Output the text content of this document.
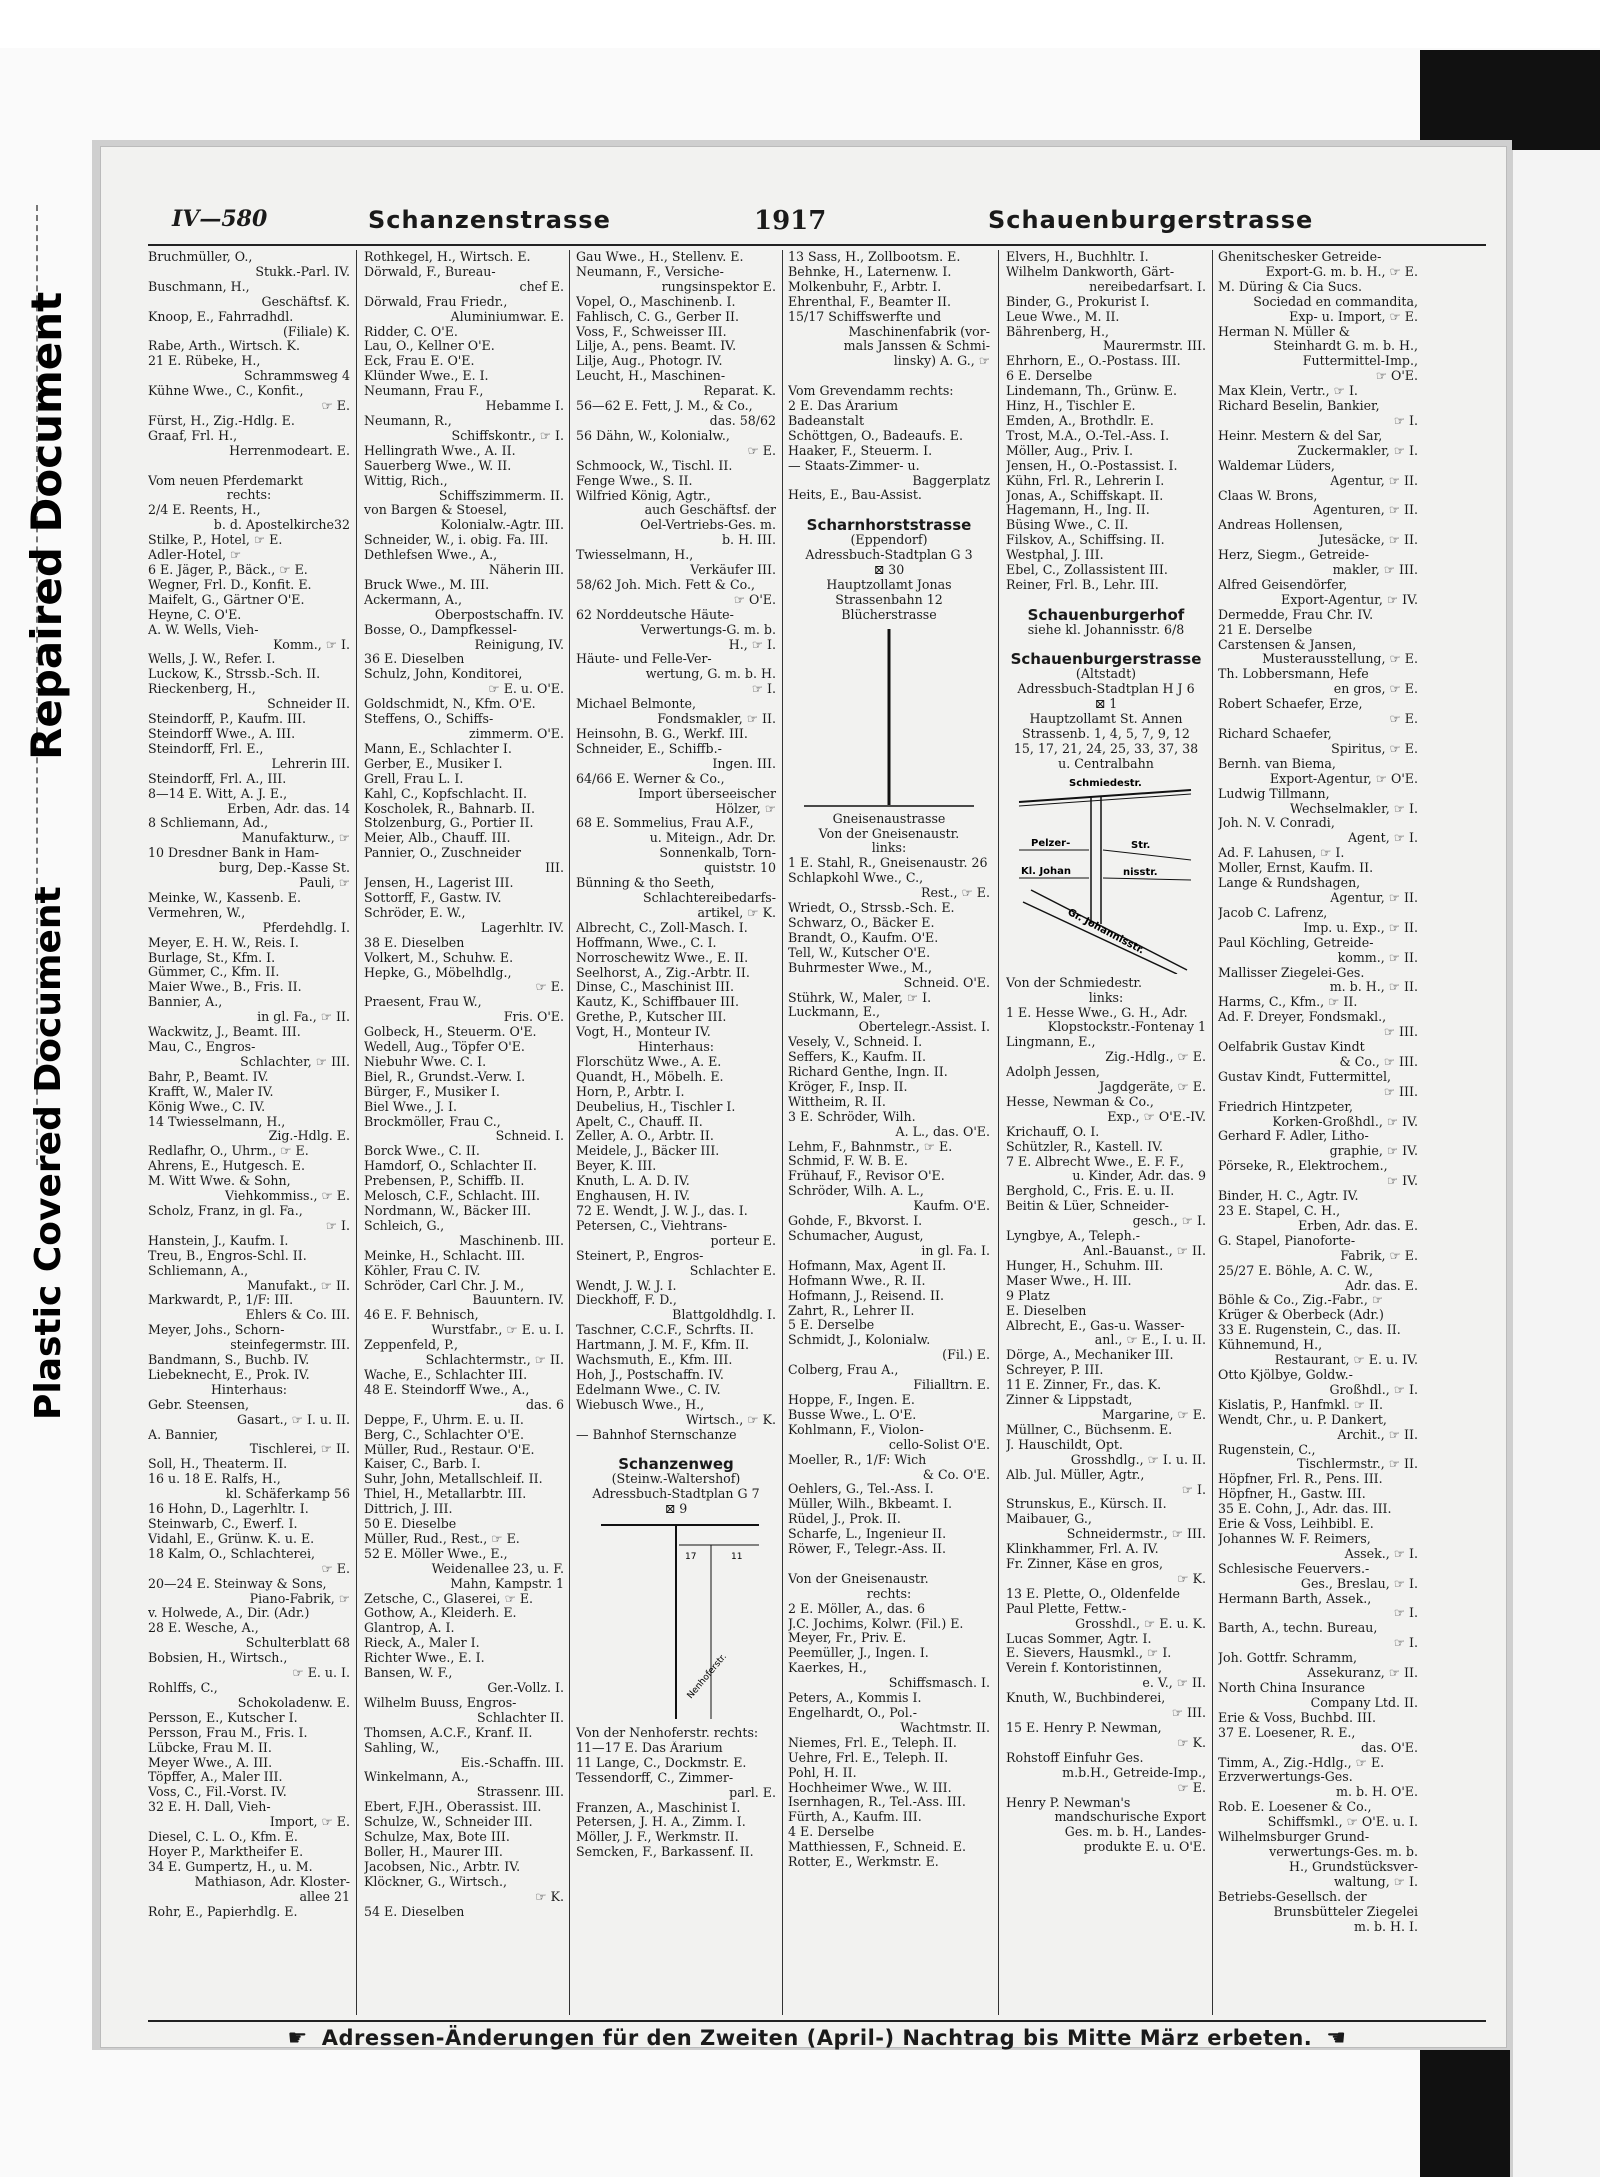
Repaired Document
Plastic Covered Document
IV—580	Schanzenstrasse	1917	Schauenburgerstrasse
Bruchmüller, O.,
Stukk.-Parl. IV.
Buschmann, H.,
Geschäftsf. K.
Knoop, E., Fahrradhdl.
(Filiale) K.
Rabe, Arth., Wirtsch. K.
21 E. Rübeke, H.,
Schrammsweg 4
Kühne Wwe., C., Konfit.,
☞ E.
Fürst, H., Zig.-Hdlg. E.
Graaf, Frl. H.,
Herrenmodeart. E.
Vom neuen Pferdemarkt
rechts:
2/4 E. Reents, H.,
b. d. Apostelkirche32
Stilke, P., Hotel, ☞ E.
Adler-Hotel, ☞
6 E. Jäger, P., Bäck., ☞ E.
Wegner, Frl. D., Konfit. E.
Maifelt, G., Gärtner O'E.
Heyne, C. O'E.
A. W. Wells, Vieh-
Komm., ☞ I.
Wells, J. W., Refer. I.
Luckow, K., Strssb.-Sch. II.
Rieckenberg, H.,
Schneider II.
Steindorff, P., Kaufm. III.
Steindorff Wwe., A. III.
Steindorff, Frl. E.,
Lehrerin III.
Steindorff, Frl. A., III.
8—14 E. Witt, A. J. E.,
Erben, Adr. das. 14
8 Schliemann, Ad.,
Manufakturw., ☞
10 Dresdner Bank in Ham-
burg, Dep.-Kasse St.
Pauli, ☞
Meinke, W., Kassenb. E.
Vermehren, W.,
Pferdehdlg. I.
Meyer, E. H. W., Reis. I.
Burlage, St., Kfm. I.
Gümmer, C., Kfm. II.
Maier Wwe., B., Fris. II.
Bannier, A.,
in gl. Fa., ☞ II.
Wackwitz, J., Beamt. III.
Mau, C., Engros-
Schlachter, ☞ III.
Bahr, P., Beamt. IV.
Krafft, W., Maler IV.
König Wwe., C. IV.
14 Twiesselmann, H.,
Zig.-Hdlg. E.
Redlafhr, O., Uhrm., ☞ E.
Ahrens, E., Hutgesch. E.
M. Witt Wwe. & Sohn,
Viehkommiss., ☞ E.
Scholz, Franz, in gl. Fa.,
☞ I.
Hanstein, J., Kaufm. I.
Treu, B., Engros-Schl. II.
Schliemann, A.,
Manufakt., ☞ II.
Markwardt, P., 1/F: III.
Ehlers & Co. III.
Meyer, Johs., Schorn-
steinfegermstr. III.
Bandmann, S., Buchb. IV.
Liebeknecht, E., Prok. IV.
Hinterhaus:
Gebr. Steensen,
Gasart., ☞ I. u. II.
A. Bannier,
Tischlerei, ☞ II.
Soll, H., Theaterm. II.
16 u. 18 E. Ralfs, H.,
kl. Schäferkamp 56
16 Hohn, D., Lagerhltr. I.
Steinwarb, C., Ewerf. I.
Vidahl, E., Grünw. K. u. E.
18 Kalm, O., Schlachterei,
☞ E.
20—24 E. Steinway & Sons,
Piano-Fabrik, ☞
v. Holwede, A., Dir. (Adr.)
28 E. Wesche, A.,
Schulterblatt 68
Bobsien, H., Wirtsch.,
☞ E. u. I.
Rohlffs, C.,
Schokoladenw. E.
Persson, E., Kutscher I.
Persson, Frau M., Fris. I.
Lübcke, Frau M. II.
Meyer Wwe., A. III.
Töpffer, A., Maler III.
Voss, C., Fil.-Vorst. IV.
32 E. H. Dall, Vieh-
Import, ☞ E.
Diesel, C. L. O., Kfm. E.
Hoyer P., Marktheifer E.
34 E. Gumpertz, H., u. M.
Mathiason, Adr. Kloster-
allee 21
Rohr, E., Papierhdlg. E.
Rothkegel, H., Wirtsch. E.
Dörwald, F., Bureau-
chef E.
Dörwald, Frau Friedr.,
Aluminiumwar. E.
Ridder, C. O'E.
Lau, O., Kellner O'E.
Eck, Frau E. O'E.
Klünder Wwe., E. I.
Neumann, Frau F.,
Hebamme I.
Neumann, R.,
Schiffskontr., ☞ I.
Hellingrath Wwe., A. II.
Sauerberg Wwe., W. II.
Wittig, Rich.,
Schiffszimmerm. II.
von Bargen & Stoesel,
Kolonialw.-Agtr. III.
Schneider, W., i. obig. Fa. III.
Dethlefsen Wwe., A.,
Näherin III.
Bruck Wwe., M. III.
Ackermann, A.,
Oberpostschaffn. IV.
Bosse, O., Dampfkessel-
Reinigung, IV.
36 E. Dieselben
Schulz, John, Konditorei,
☞ E. u. O'E.
Goldschmidt, N., Kfm. O'E.
Steffens, O., Schiffs-
zimmerm. O'E.
Mann, E., Schlachter I.
Gerber, E., Musiker I.
Grell, Frau L. I.
Kahl, C., Kopfschlacht. II.
Koscholek, R., Bahnarb. II.
Stolzenburg, G., Portier II.
Meier, Alb., Chauff. III.
Pannier, O., Zuschneider
III.
Jensen, H., Lagerist III.
Sottorff, F., Gastw. IV.
Schröder, E. W.,
Lagerhltr. IV.
38 E. Dieselben
Volkert, M., Schuhw. E.
Hepke, G., Möbelhdlg.,
☞ E.
Praesent, Frau W.,
Fris. O'E.
Golbeck, H., Steuerm. O'E.
Wedell, Aug., Töpfer O'E.
Niebuhr Wwe. C. I.
Biel, R., Grundst.-Verw. I.
Bürger, F., Musiker I.
Biel Wwe., J. I.
Brockmöller, Frau C.,
Schneid. I.
Borck Wwe., C. II.
Hamdorf, O., Schlachter II.
Prebensen, P., Schiffb. II.
Melosch, C.F., Schlacht. III.
Nordmann, W., Bäcker III.
Schleich, G.,
Maschinenb. III.
Meinke, H., Schlacht. III.
Köhler, Frau C. IV.
Schröder, Carl Chr. J. M.,
Bauuntern. IV.
46 E. F. Behnisch,
Wurstfabr., ☞ E. u. I.
Zeppenfeld, P.,
Schlachtermstr., ☞ II.
Wache, E., Schlachter III.
48 E. Steindorff Wwe., A.,
das. 6
Deppe, F., Uhrm. E. u. II.
Berg, C., Schlachter O'E.
Müller, Rud., Restaur. O'E.
Kaiser, C., Barb. I.
Suhr, John, Metallschleif. II.
Thiel, H., Metallarbtr. III.
Dittrich, J. III.
50 E. Dieselbe
Müller, Rud., Rest., ☞ E.
52 E. Möller Wwe., E.,
Weidenallee 23, u. F.
Mahn, Kampstr. 1
Zetsche, C., Glaserei, ☞ E.
Gothow, A., Kleiderh. E.
Glantrop, A. I.
Rieck, A., Maler I.
Richter Wwe., E. I.
Bansen, W. F.,
Ger.-Vollz. I.
Wilhelm Buuss, Engros-
Schlachter II.
Thomsen, A.C.F., Kranf. II.
Sahling, W.,
Eis.-Schaffn. III.
Winkelmann, A.,
Strassenr. III.
Ebert, F.JH., Oberassist. III.
Schulze, W., Schneider III.
Schulze, Max, Bote III.
Boller, H., Maurer III.
Jacobsen, Nic., Arbtr. IV.
Klöckner, G., Wirtsch.,
☞ K.
54 E. Dieselben
Gau Wwe., H., Stellenv. E.
Neumann, F., Versiche-
rungsinspektor E.
Vopel, O., Maschinenb. I.
Fahlisch, C. G., Gerber II.
Voss, F., Schweisser III.
Lilje, A., pens. Beamt. IV.
Lilje, Aug., Photogr. IV.
Leucht, H., Maschinen-
Reparat. K.
56—62 E. Fett, J. M., & Co.,
das. 58/62
56 Dähn, W., Kolonialw.,
☞ E.
Schmoock, W., Tischl. II.
Fenge Wwe., S. II.
Wilfried König, Agtr.,
auch Geschäftsf. der
Oel-Vertriebs-Ges. m.
b. H. III.
Twiesselmann, H.,
Verkäufer III.
58/62 Joh. Mich. Fett & Co.,
☞ O'E.
62 Norddeutsche Häute-
Verwertungs-G. m. b.
H., ☞ I.
Häute- und Felle-Ver-
wertung, G. m. b. H.
☞ I.
Michael Belmonte,
Fondsmakler, ☞ II.
Heinsohn, B. G., Werkf. III.
Schneider, E., Schiffb.-
Ingen. III.
64/66 E. Werner & Co.,
Import überseeischer
Hölzer, ☞
68 E. Sommelius, Frau A.F.,
u. Miteign., Adr. Dr.
Sonnenkalb, Torn-
quiststr. 10
Bünning & tho Seeth,
Schlachtereibedarfs-
artikel, ☞ K.
Albrecht, C., Zoll-Masch. I.
Hoffmann, Wwe., C. I.
Norroschewitz Wwe., E. II.
Seelhorst, A., Zig.-Arbtr. II.
Dinse, C., Maschinist III.
Kautz, K., Schiffbauer III.
Grethe, P., Kutscher III.
Vogt, H., Monteur IV.
Hinterhaus:
Florschütz Wwe., A. E.
Quandt, H., Möbelh. E.
Horn, P., Arbtr. I.
Deubelius, H., Tischler I.
Apelt, C., Chauff. II.
Zeller, A. O., Arbtr. II.
Meidele, J., Bäcker III.
Beyer, K. III.
Knuth, L. A. D. IV.
Enghausen, H. IV.
72 E. Wendt, J. W. J., das. I.
Petersen, C., Viehtrans-
porteur E.
Steinert, P., Engros-
Schlachter E.
Wendt, J. W. J. I.
Dieckhoff, F. D.,
Blattgoldhdlg. I.
Taschner, C.C.F., Schrfts. II.
Hartmann, J. M. F., Kfm. II.
Wachsmuth, E., Kfm. III.
Hoh, J., Postschaffn. IV.
Edelmann Wwe., C. IV.
Wiebusch Wwe., H.,
Wirtsch., ☞ K.
— Bahnhof Sternschanze
Schanzenweg
(Steinw.-Waltershof)
Adressbuch-Stadtplan G 7
⊠ 9
17	11
Nenhoferstr.
Von der Nenhoferstr. rechts:
11—17 E. Das Ärarium
11 Lange, C., Dockmstr. E.
Tessendorff, C., Zimmer-
parl. E.
Franzen, A., Maschinist I.
Petersen, J. H. A., Zimm. I.
Möller, J. F., Werkmstr. II.
Semcken, F., Barkassenf. II.
13 Sass, H., Zollbootsm. E.
Behnke, H., Laternenw. I.
Molkenbuhr, F., Arbtr. I.
Ehrenthal, F., Beamter II.
15/17 Schiffswerfte und
Maschinenfabrik (vor-
mals Janssen & Schmi-
linsky) A. G., ☞
Vom Grevendamm rechts:
2 E. Das Ärarium
Badeanstalt
Schöttgen, O., Badeaufs. E.
Haaker, F., Steuerm. I.
— Staats-Zimmer- u.
Baggerplatz
Heits, E., Bau-Assist.
Scharnhorststrasse
(Eppendorf)
Adressbuch-Stadtplan G 3
⊠ 30
Hauptzollamt Jonas
Strassenbahn 12
Blücherstrasse
Gneisenaustrasse
Von der Gneisenaustr.
links:
1 E. Stahl, R., Gneisenaustr. 26
Schlapkohl Wwe., C.,
Rest., ☞ E.
Wriedt, O., Strssb.-Sch. E.
Schwarz, O., Bäcker E.
Brandt, O., Kaufm. O'E.
Tell, W., Kutscher O'E.
Buhrmester Wwe., M.,
Schneid. O'E.
Stührk, W., Maler, ☞ I.
Luckmann, E.,
Obertelegr.-Assist. I.
Vesely, V., Schneid. I.
Seffers, K., Kaufm. II.
Richard Genthe, Ingn. II.
Kröger, F., Insp. II.
Wittheim, R. II.
3 E. Schröder, Wilh.
A. L., das. O'E.
Lehm, F., Bahnmstr., ☞ E.
Schmid, F. W. B. E.
Frühauf, F., Revisor O'E.
Schröder, Wilh. A. L.,
Kaufm. O'E.
Gohde, F., Bkvorst. I.
Schumacher, August,
in gl. Fa. I.
Hofmann, Max, Agent II.
Hofmann Wwe., R. II.
Hofmann, J., Reisend. II.
Zahrt, R., Lehrer II.
5 E. Derselbe
Schmidt, J., Kolonialw.
(Fil.) E.
Colberg, Frau A.,
Filialltrn. E.
Hoppe, F., Ingen. E.
Busse Wwe., L. O'E.
Kohlmann, F., Violon-
cello-Solist O'E.
Moeller, R., 1/F: Wich
& Co. O'E.
Oehlers, G., Tel.-Ass. I.
Müller, Wilh., Bkbeamt. I.
Rüdel, J., Prok. II.
Scharfe, L., Ingenieur II.
Röwer, F., Telegr.-Ass. II.
Von der Gneisenaustr.
rechts:
2 E. Möller, A., das. 6
J.C. Jochims, Kolwr. (Fil.) E.
Meyer, Fr., Priv. E.
Peemüller, J., Ingen. I.
Kaerkes, H.,
Schiffsmasch. I.
Peters, A., Kommis I.
Engelhardt, O., Pol.-
Wachtmstr. II.
Niemes, Frl. E., Teleph. II.
Uehre, Frl. E., Teleph. II.
Pohl, H. II.
Hochheimer Wwe., W. III.
Isernhagen, R., Tel.-Ass. III.
Fürth, A., Kaufm. III.
4 E. Derselbe
Matthiessen, F., Schneid. E.
Rotter, E., Werkmstr. E.
Elvers, H., Buchhltr. I.
Wilhelm Dankworth, Gärt-
nereibedarfsart. I.
Binder, G., Prokurist I.
Leue Wwe., M. II.
Bährenberg, H.,
Maurermstr. III.
Ehrhorn, E., O.-Postass. III.
6 E. Derselbe
Lindemann, Th., Grünw. E.
Hinz, H., Tischler E.
Emden, A., Brothdlr. E.
Trost, M.A., O.-Tel.-Ass. I.
Möller, Aug., Priv. I.
Jensen, H., O.-Postassist. I.
Kühn, Frl. R., Lehrerin I.
Jonas, A., Schiffskapt. II.
Hagemann, H., Ing. II.
Büsing Wwe., C. II.
Filskov, A., Schiffsing. II.
Westphal, J. III.
Ebel, C., Zollassistent III.
Reiner, Frl. B., Lehr. III.
Schauenburgerhof
siehe kl. Johannisstr. 6/8
Schauenburgerstrasse
(Altstadt)
Adressbuch-Stadtplan H J 6
⊠ 1
Hauptzollamt St. Annen
Strassenb. 1, 4, 5, 7, 9, 12
15, 17, 21, 24, 25, 33, 37, 38
u. Centralbahn
Schmiedestr.
Pelzer-	Str.
Kl. Johan	nisstr.
Gr. Johannisstr.
Von der Schmiedestr.
links:
1 E. Hesse Wwe., G. H., Adr.
Klopstockstr.-Fontenay 1
Lingmann, E.,
Zig.-Hdlg., ☞ E.
Adolph Jessen,
Jagdgeräte, ☞ E.
Hesse, Newman & Co.,
Exp., ☞ O'E.-IV.
Krichauff, O. I.
Schützler, R., Kastell. IV.
7 E. Albrecht Wwe., E. F. F.,
u. Kinder, Adr. das. 9
Berghold, C., Fris. E. u. II.
Beitin & Lüer, Schneider-
gesch., ☞ I.
Lyngbye, A., Teleph.-
Anl.-Bauanst., ☞ II.
Hunger, H., Schuhm. III.
Maser Wwe., H. III.
9 Platz
E. Dieselben
Albrecht, E., Gas-u. Wasser-
anl., ☞ E., I. u. II.
Dörge, A., Mechaniker III.
Schreyer, P. III.
11 E. Zinner, Fr., das. K.
Zinner & Lippstadt,
Margarine, ☞ E.
Müllner, C., Büchsenm. E.
J. Hauschildt, Opt.
Grosshdlg., ☞ I. u. II.
Alb. Jul. Müller, Agtr.,
☞ I.
Strunskus, E., Kürsch. II.
Maibauer, G.,
Schneidermstr., ☞ III.
Klinkhammer, Frl. A. IV.
Fr. Zinner, Käse en gros,
☞ K.
13 E. Plette, O., Oldenfelde
Paul Plette, Fettw.-
Grosshdl., ☞ E. u. K.
Lucas Sommer, Agtr. I.
E. Sievers, Hausmkl., ☞ I.
Verein f. Kontoristinnen,
e. V., ☞ II.
Knuth, W., Buchbinderei,
☞ III.
15 E. Henry P. Newman,
☞ K.
Rohstoff Einfuhr Ges.
m.b.H., Getreide-Imp.,
☞ E.
Henry P. Newman's
mandschurische Export
Ges. m. b. H., Landes-
produkte E. u. O'E.
Ghenitschesker Getreide-
Export-G. m. b. H., ☞ E.
M. Düring & Cia Sucs.
Sociedad en commandita,
Exp- u. Import, ☞ E.
Herman N. Müller &
Steinhardt G. m. b. H.,
Futtermittel-Imp.,
☞ O'E.
Max Klein, Vertr., ☞ I.
Richard Beselin, Bankier,
☞ I.
Heinr. Mestern & del Sar,
Zuckermakler, ☞ I.
Waldemar Lüders,
Agentur, ☞ II.
Claas W. Brons,
Agenturen, ☞ II.
Andreas Hollensen,
Jutesäcke, ☞ II.
Herz, Siegm., Getreide-
makler, ☞ III.
Alfred Geisendörfer,
Export-Agentur, ☞ IV.
Dermedde, Frau Chr. IV.
21 E. Derselbe
Carstensen & Jansen,
Musterausstellung, ☞ E.
Th. Lobbersmann, Hefe
en gros, ☞ E.
Robert Schaefer, Erze,
☞ E.
Richard Schaefer,
Spiritus, ☞ E.
Bernh. van Biema,
Export-Agentur, ☞ O'E.
Ludwig Tillmann,
Wechselmakler, ☞ I.
Joh. N. V. Conradi,
Agent, ☞ I.
Ad. F. Lahusen, ☞ I.
Moller, Ernst, Kaufm. II.
Lange & Rundshagen,
Agentur, ☞ II.
Jacob C. Lafrenz,
Imp. u. Exp., ☞ II.
Paul Köchling, Getreide-
komm., ☞ II.
Mallisser Ziegelei-Ges.
m. b. H., ☞ II.
Harms, C., Kfm., ☞ II.
Ad. F. Dreyer, Fondsmakl.,
☞ III.
Oelfabrik Gustav Kindt
& Co., ☞ III.
Gustav Kindt, Futtermittel,
☞ III.
Friedrich Hintzpeter,
Korken-Großhdl., ☞ IV.
Gerhard F. Adler, Litho-
graphie, ☞ IV.
Pörseke, R., Elektrochem.,
☞ IV.
Binder, H. C., Agtr. IV.
23 E. Stapel, C. H.,
Erben, Adr. das. E.
G. Stapel, Pianoforte-
Fabrik, ☞ E.
25/27 E. Böhle, A. C. W.,
Adr. das. E.
Böhle & Co., Zig.-Fabr., ☞
Krüger & Oberbeck (Adr.)
33 E. Rugenstein, C., das. II.
Kühnemund, H.,
Restaurant, ☞ E. u. IV.
Otto Kjölbye, Goldw.-
Großhdl., ☞ I.
Kislatis, P., Hanfmkl. ☞ II.
Wendt, Chr., u. P. Dankert,
Archit., ☞ II.
Rugenstein, C.,
Tischlermstr., ☞ II.
Höpfner, Frl. R., Pens. III.
Höpfner, H., Gastw. III.
35 E. Cohn, J., Adr. das. III.
Erie & Voss, Leihbibl. E.
Johannes W. F. Reimers,
Assek., ☞ I.
Schlesische Feuervers.-
Ges., Breslau, ☞ I.
Hermann Barth, Assek.,
☞ I.
Barth, A., techn. Bureau,
☞ I.
Joh. Gottfr. Schramm,
Assekuranz, ☞ II.
North China Insurance
Company Ltd. II.
Erie & Voss, Buchbd. III.
37 E. Loesener, R. E.,
das. O'E.
Timm, A., Zig.-Hdlg., ☞ E.
Erzverwertungs-Ges.
m. b. H. O'E.
Rob. E. Loesener & Co.,
Schiffsmkl., ☞ O'E. u. I.
Wilhelmsburger Grund-
verwertungs-Ges. m. b.
H., Grundstücksver-
waltung, ☞ I.
Betriebs-Gesellsch. der
Brunsbütteler Ziegelei
m. b. H. I.
☛ Adressen-Änderungen für den Zweiten (April-) Nachtrag bis Mitte März erbeten. ☚
